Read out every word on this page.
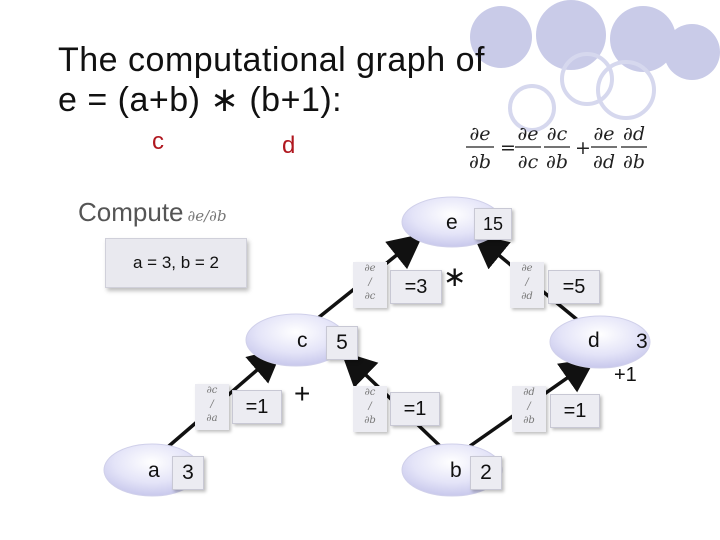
The computational graph of
e = (a+b) ∗ (b+1):
c	d	∂e
∂b
=
∂e
∂c
∂c
∂b
+
∂e
∂d
∂d
∂b
Compute ∂e/∂b
a = 3, b = 2
e	15
c	5	d 3
a	3	b 2
∗
+
+1
∂e
/
∂c	=3
∂e
/
∂d	=5
∂c
/
∂a
=1
∂c
/
∂b
=1
∂d
/
∂b	=1
